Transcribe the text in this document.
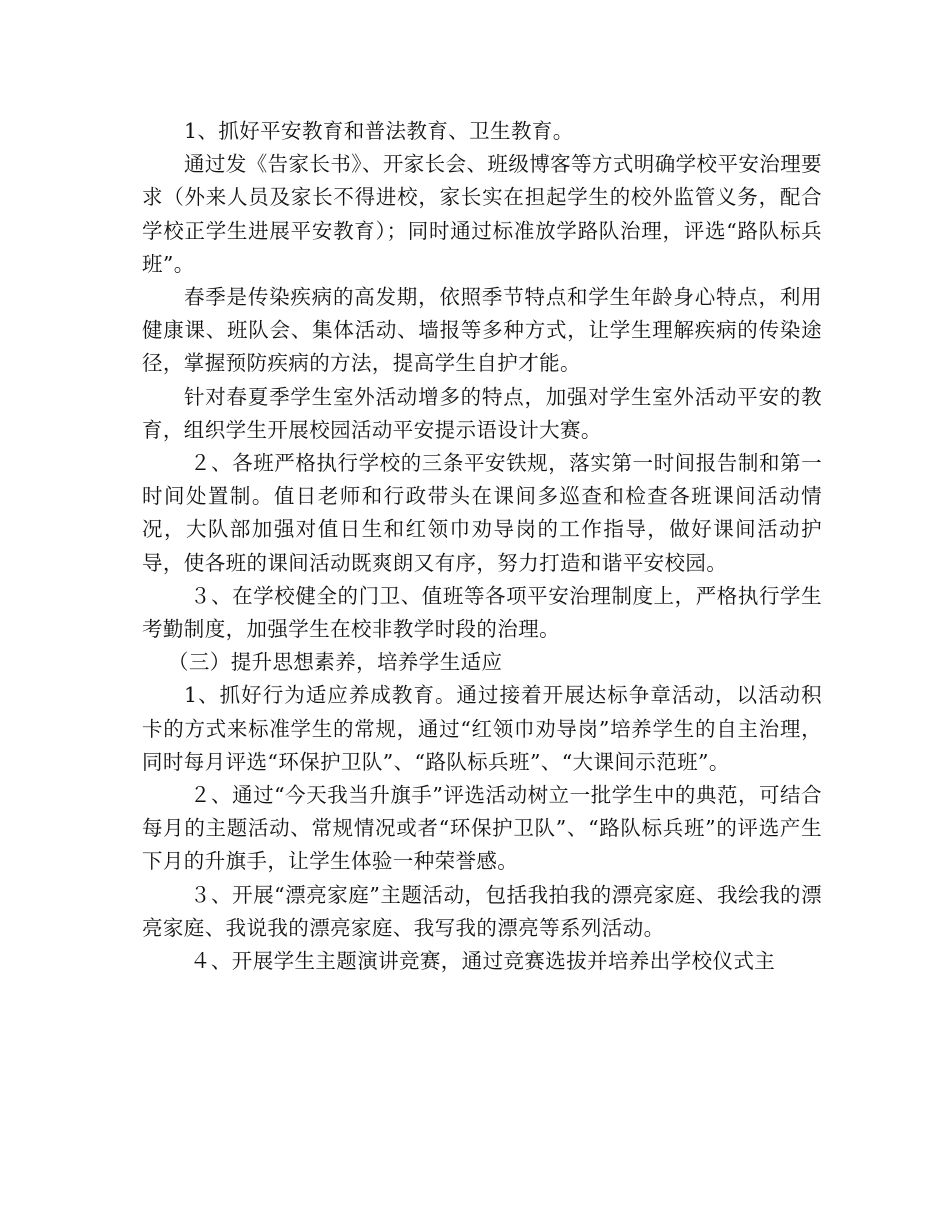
1、抓好平安教育和普法教育、卫生教育。

通过发《告家长书》、开家长会、班级博客等方式明确学校平安治理要求（外来人员及家长不得进校，家长实在担起学生的校外监管义务，配合学校正学生进展平安教育）；同时通过标准放学路队治理，评选“路队标兵班”。

春季是传染疾病的高发期，依照季节特点和学生年龄身心特点，利用健康课、班队会、集体活动、墙报等多种方式，让学生理解疾病的传染途径，掌握预防疾病的方法，提高学生自护才能。

针对春夏季学生室外活动增多的特点，加强对学生室外活动平安的教育，组织学生开展校园活动平安提示语设计大赛。

２、各班严格执行学校的三条平安铁规，落实第一时间报告制和第一时间处置制。值日老师和行政带头在课间多巡查和检查各班课间活动情况，大队部加强对值日生和红领巾劝导岗的工作指导，做好课间活动护导，使各班的课间活动既爽朗又有序，努力打造和谐平安校园。

３、在学校健全的门卫、值班等各项平安治理制度上，严格执行学生考勤制度，加强学生在校非教学时段的治理。

（三）提升思想素养，培养学生适应

1、抓好行为适应养成教育。通过接着开展达标争章活动，以活动积卡的方式来标准学生的常规，通过“红领巾劝导岗”培养学生的自主治理，同时每月评选“环保护卫队”、“路队标兵班”、“大课间示范班”。

２、通过“今天我当升旗手”评选活动树立一批学生中的典范，可结合每月的主题活动、常规情况或者“环保护卫队”、“路队标兵班”的评选产生下月的升旗手，让学生体验一种荣誉感。

３、开展“漂亮家庭”主题活动，包括我拍我的漂亮家庭、我绘我的漂亮家庭、我说我的漂亮家庭、我写我的漂亮等系列活动。

４、开展学生主题演讲竞赛，通过竞赛选拔并培养出学校仪式主
